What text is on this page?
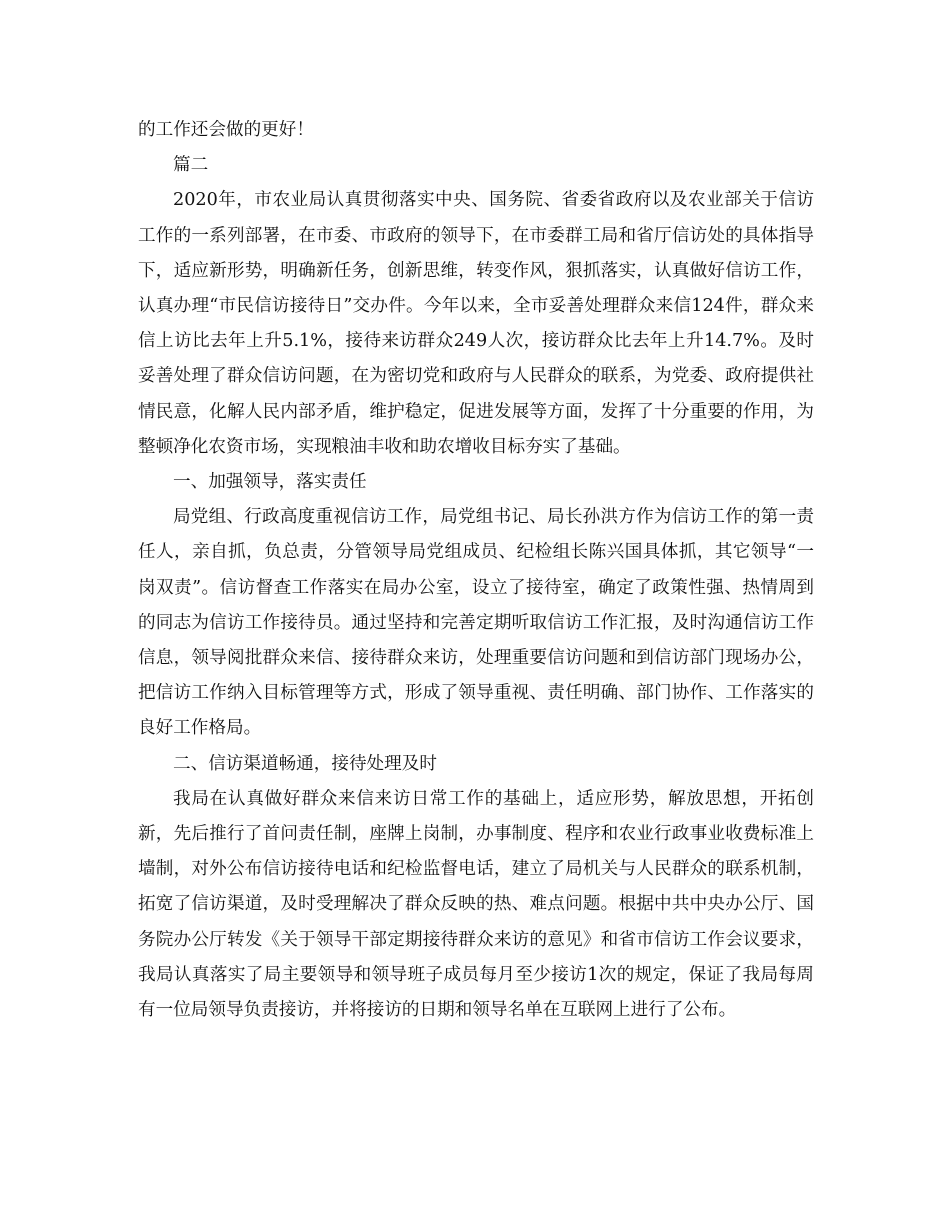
的工作还会做的更好！

篇二

2020年，市农业局认真贯彻落实中央、国务院、省委省政府以及农业部关于信访工作的一系列部署，在市委、市政府的领导下，在市委群工局和省厅信访处的具体指导下，适应新形势，明确新任务，创新思维，转变作风，狠抓落实，认真做好信访工作，认真办理“市民信访接待日”交办件。今年以来，全市妥善处理群众来信124件，群众来信上访比去年上升5.1%，接待来访群众249人次，接访群众比去年上升14.7%。及时妥善处理了群众信访问题，在为密切党和政府与人民群众的联系，为党委、政府提供社情民意，化解人民内部矛盾，维护稳定，促进发展等方面，发挥了十分重要的作用，为整顿净化农资市场，实现粮油丰收和助农增收目标夯实了基础。

一、加强领导，落实责任

局党组、行政高度重视信访工作，局党组书记、局长孙洪方作为信访工作的第一责任人，亲自抓，负总责，分管领导局党组成员、纪检组长陈兴国具体抓，其它领导“一岗双责”。信访督查工作落实在局办公室，设立了接待室，确定了政策性强、热情周到的同志为信访工作接待员。通过坚持和完善定期听取信访工作汇报，及时沟通信访工作信息，领导阅批群众来信、接待群众来访，处理重要信访问题和到信访部门现场办公，把信访工作纳入目标管理等方式，形成了领导重视、责任明确、部门协作、工作落实的良好工作格局。

二、信访渠道畅通，接待处理及时

我局在认真做好群众来信来访日常工作的基础上，适应形势，解放思想，开拓创新，先后推行了首问责任制，座牌上岗制，办事制度、程序和农业行政事业收费标准上墙制，对外公布信访接待电话和纪检监督电话，建立了局机关与人民群众的联系机制，拓宽了信访渠道，及时受理解决了群众反映的热、难点问题。根据中共中央办公厅、国务院办公厅转发《关于领导干部定期接待群众来访的意见》和省市信访工作会议要求，我局认真落实了局主要领导和领导班子成员每月至少接访1次的规定，保证了我局每周有一位局领导负责接访，并将接访的日期和领导名单在互联网上进行了公布。
